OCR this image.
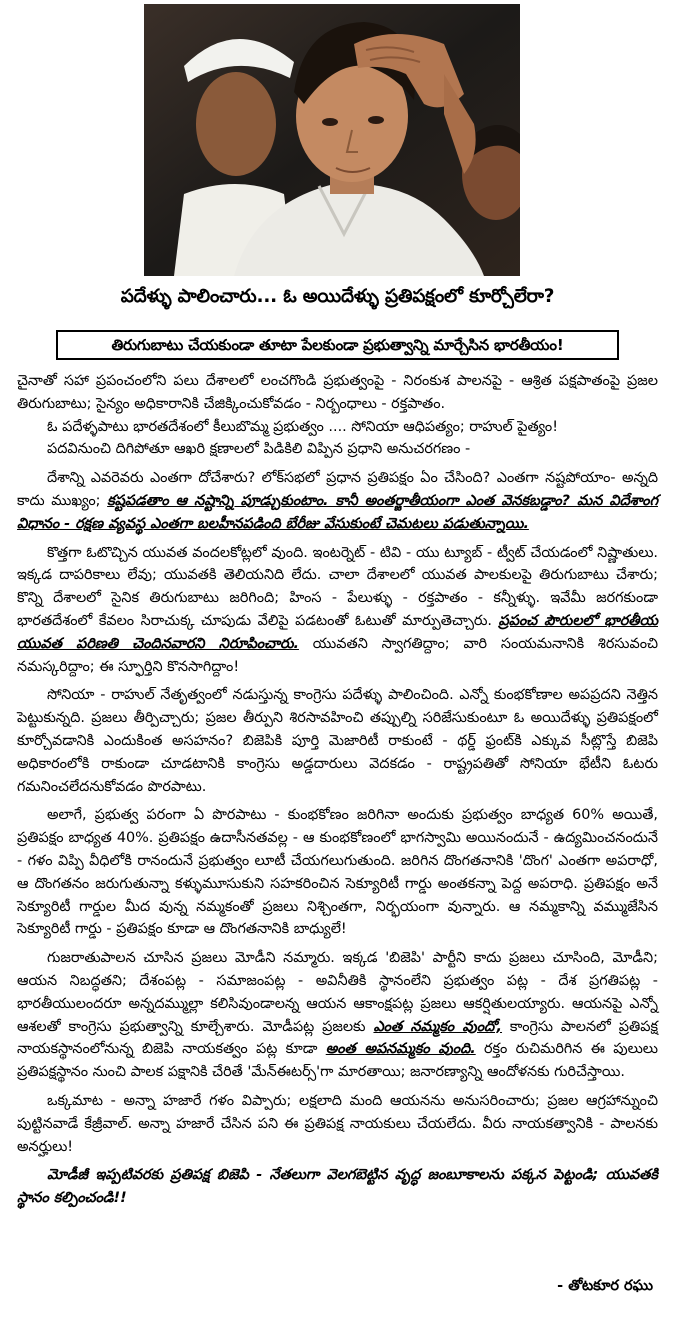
పదేళ్ళు పాలించారు... ఓ అయిదేళ్ళు ప్రతిపక్షంలో కూర్చోలేరా?
తిరుగుబాటు చేయకుండా తూటా పేలకుండా ప్రభుత్వాన్ని మార్చేసిన భారతీయం!

చైనాతో సహా ప్రపంచంలోని పలు దేశాలలో లంచగొండి ప్రభుత్వంపై - నిరంకుశ పాలనపై - ఆశ్రిత పక్షపాతంపై ప్రజల తిరుగుబాటు; సైన్యం అధికారానికి చేజిక్కించుకోవడం - నిర్బంధాలు - రక్తపాతం.

ఓ పదేళ్ళపాటు భారతదేశంలో కీలుబొమ్మ ప్రభుత్వం .... సోనియా ఆధిపత్యం; రాహుల్ పైత్యం!

పదవినుంచి దిగిపోతూ ఆఖరి క్షణాలలో పిడికిలి విప్పిన ప్రధాని అనుచరగణం -

దేశాన్ని ఎవరెవరు ఎంతగా దోచేశారు? లోక్‌సభలో ప్రధాన ప్రతిపక్షం ఏం చేసింది? ఎంతగా నష్టపోయాం- అన్నది కాదు ముఖ్యం; కష్టపడతాం ఆ నష్టాన్ని పూడ్చుకుంటాం. కానీ అంతర్జాతీయంగా ఎంత వెనకబడ్డాం? మన విదేశాంగ విధానం - రక్షణ వ్యవస్థ ఎంతగా బలహీనపడింది బేరీజు వేసుకుంటే చెమటలు పడుతున్నాయి.

కొత్తగా ఓటొచ్చిన యువత వందలకోట్లలో వుంది. ఇంటర్నెట్ - టివి - యు ట్యూబ్ - ట్వీట్ చేయడంలో నిష్ణాతులు. ఇక్కడ దాపరికాలు లేవు; యువతకి తెలియనిది లేదు. చాలా దేశాలలో యువత పాలకులపై తిరుగుబాటు చేశారు; కొన్ని దేశాలలో సైనిక తిరుగుబాటు జరిగింది; హింస - పేలుళ్ళు - రక్తపాతం - కన్నీళ్ళు. ఇవేమీ జరగకుండా భారతదేశంలో కేవలం సిరాచుక్క చూపుడు వేలిపై పడటంతో ఓటుతో మార్పుతెచ్చారు. ప్రపంచ పౌరులలో భారతీయ యువత పరిణతి చెందినవారని నిరూపించారు. యువతని స్వాగతిద్దాం; వారి సంయమనానికి శిరసువంచి నమస్కరిద్దాం; ఈ స్ఫూర్తిని కొనసాగిద్దాం!

సోనియా - రాహుల్ నేతృత్వంలో నడుస్తున్న కాంగ్రెసు పదేళ్ళు పాలించింది. ఎన్నో కుంభకోణాల అపప్రదని నెత్తిన పెట్టుకున్నది. ప్రజలు తీర్పిచ్చారు; ప్రజల తీర్పుని శిరసావహించి తప్పుల్ని సరిజేసుకుంటూ ఓ అయిదేళ్ళు ప్రతిపక్షంలో కూర్చోవడానికి ఎందుకింత అసహనం? బిజెపికి పూర్తి మెజారిటీ రాకుంటే - థర్డ్ ఫ్రంట్‌కి ఎక్కువ సీట్లొస్తే బిజెపి అధికారంలోకి రాకుండా చూడటానికి కాంగ్రెసు అడ్డదారులు వెదకడం - రాష్ట్రపతితో సోనియా భేటీని ఓటరు గమనించలేదనుకోవడం పొరపాటు.

అలాగే, ప్రభుత్వ పరంగా ఏ పొరపాటు - కుంభకోణం జరిగినా అందుకు ప్రభుత్వం బాధ్యత 60% అయితే, ప్రతిపక్షం బాధ్యత 40%. ప్రతిపక్షం ఉదాసీనతవల్ల - ఆ కుంభకోణంలో భాగస్వామి అయినందునే - ఉద్యమించనందునే - గళం విప్పి వీధిలోకి రానందునే ప్రభుత్వం లూటీ చేయగలుగుతుంది. జరిగిన దొంగతనానికి 'దొంగ' ఎంతగా అపరాధో, ఆ దొంగతనం జరుగుతున్నా కళ్ళుమూసుకుని సహకరించిన సెక్యూరిటీ గార్డు అంతకన్నా పెద్ద అపరాధి. ప్రతిపక్షం అనే సెక్యూరిటీ గార్డుల మీద వున్న నమ్మకంతో ప్రజలు నిశ్చింతగా, నిర్భయంగా వున్నారు. ఆ నమ్మకాన్ని వమ్ముజేసిన సెక్యూరిటీ గార్డు - ప్రతిపక్షం కూడా ఆ దొంగతనానికి బాధ్యులే!

గుజరాతుపాలన చూసిన ప్రజలు మోడీని నమ్మారు. ఇక్కడ 'బిజెపి' పార్టీని కాదు ప్రజలు చూసింది, మోడీని; ఆయన నిబద్ధతని; దేశంపట్ల - సమాజంపట్ల - అవినీతికి స్థానంలేని ప్రభుత్వం పట్ల - దేశ ప్రగతిపట్ల - భారతీయులందరూ అన్నదమ్ముల్లా కలిసివుండాలన్న ఆయన ఆకాంక్షపట్ల ప్రజలు ఆకర్షితులయ్యారు. ఆయనపై ఎన్నో ఆశలతో కాంగ్రెసు ప్రభుత్వాన్ని కూల్చేశారు. మోడీపట్ల ప్రజలకు ఎంత నమ్మకం వుందో, కాంగ్రెసు పాలనలో ప్రతిపక్ష నాయకస్థానంలోనున్న బిజెపి నాయకత్వం పట్ల కూడా అంత అపనమ్మకం వుంది. రక్తం రుచిమరిగిన ఈ పులులు ప్రతిపక్షస్థానం నుంచి పాలక పక్షానికి చేరితే 'మేన్‌ఈటర్స్'గా మారతాయి; జనారణ్యాన్ని ఆందోళనకు గురిచేస్తాయి.

ఒక్కమాట - అన్నా హజారే గళం విప్పారు; లక్షలాది మంది ఆయనను అనుసరించారు; ప్రజల ఆగ్రహాన్నుంచి పుట్టినవాడే కేజ్రీవాల్. అన్నా హజారే చేసిన పని ఈ ప్రతిపక్ష నాయకులు చేయలేదు. వీరు నాయకత్వానికి - పాలనకు అనర్హులు!

మోడీజీ ఇప్పటివరకు ప్రతిపక్ష బిజెపి - నేతలుగా వెలగబెట్టిన వృద్ధ జంబూకాలను పక్కన పెట్టండి; యువతకి స్థానం కల్పించండి!!

- తోటకూర రఘు
